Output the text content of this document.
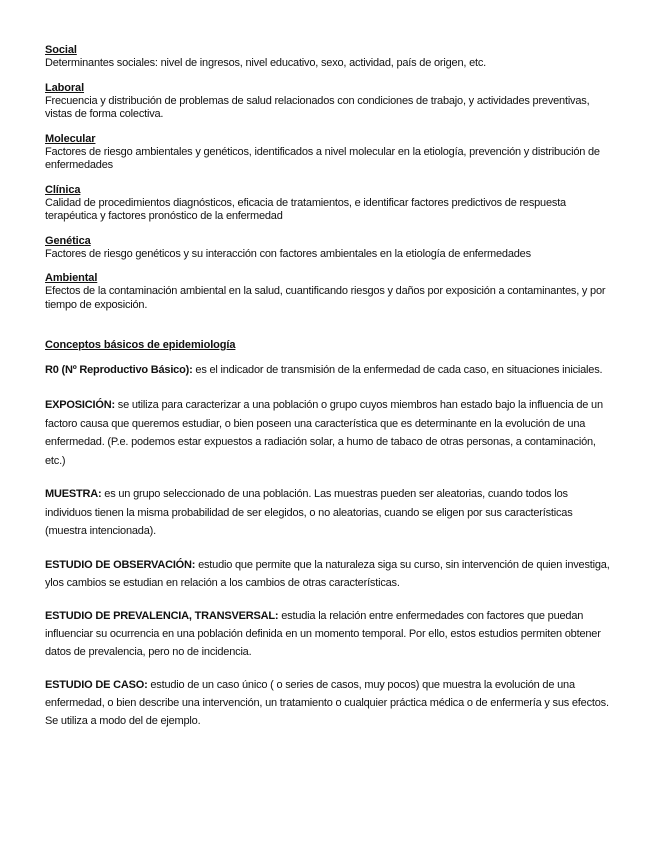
Social
Determinantes sociales: nivel de ingresos, nivel educativo, sexo, actividad, país de origen, etc.
Laboral
Frecuencia y distribución de problemas de salud relacionados con condiciones de trabajo, y actividades preventivas, vistas de forma colectiva.
Molecular
Factores de riesgo ambientales y genéticos, identificados a nivel molecular en la etiología, prevención y distribución de enfermedades
Clínica
Calidad de procedimientos diagnósticos, eficacia de tratamientos, e identificar factores predictivos de respuesta terapéutica y factores pronóstico de la enfermedad
Genética
Factores de riesgo genéticos y su interacción con factores ambientales en la etiología de enfermedades
Ambiental
Efectos de la contaminación ambiental en la salud, cuantificando riesgos y daños por exposición a contaminantes, y por tiempo de exposición.
Conceptos básicos de epidemiología
R0 (Nº Reproductivo Básico): es el indicador de transmisión de la enfermedad de cada caso, en situaciones iniciales.
EXPOSICIÓN: se utiliza para caracterizar a una población o grupo cuyos miembros han estado bajo la influencia de un factoro causa que queremos estudiar, o bien poseen una característica que es determinante en la evolución de una enfermedad. (P.e. podemos estar expuestos a radiación solar, a humo de tabaco de otras personas, a contaminación, etc.)
MUESTRA: es un grupo seleccionado de una población. Las muestras pueden ser aleatorias, cuando todos los individuos tienen la misma probabilidad de ser elegidos, o no aleatorias, cuando se eligen por sus características (muestra intencionada).
ESTUDIO DE OBSERVACIÓN: estudio que permite que la naturaleza siga su curso, sin intervención de quien investiga, ylos cambios se estudian en relación a los cambios de otras características.
ESTUDIO DE PREVALENCIA, TRANSVERSAL: estudia la relación entre enfermedades con factores que puedan influenciar su ocurrencia en una población definida en un momento temporal. Por ello, estos estudios permiten obtener datos de prevalencia, pero no de incidencia.
ESTUDIO DE CASO: estudio de un caso único ( o series de casos, muy pocos) que muestra la evolución de una enfermedad, o bien describe una intervención, un tratamiento o cualquier práctica médica o de enfermería y sus efectos. Se utiliza a modo del de ejemplo.
